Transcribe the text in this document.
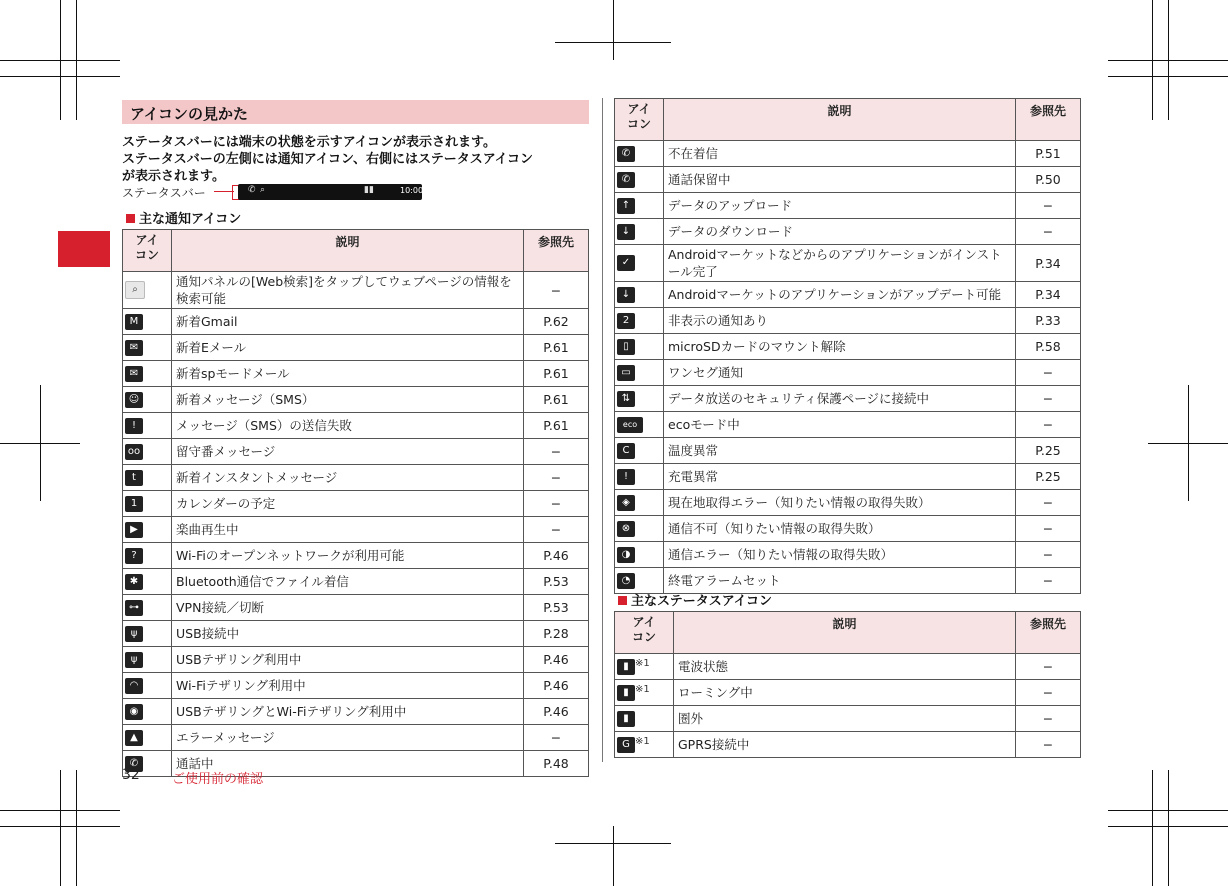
アイコンの見かた
ステータスバーには端末の状態を示すアイコンが表示されます。
ステータスバーの左側には通知アイコン、右側にはステータスアイコン
が表示されます。
ステータスバー	✆ ⌕	▮▮	10:00
主な通知アイコン
アイ
コン	説明	参照先
⌕	通知パネルの[Web検索]をタップしてウェブページの情報を検索可能	−
M	新着Gmail	P.62
✉	新着Eメール	P.61
✉	新着spモードメール	P.61
☺	新着メッセージ（SMS）	P.61
!	メッセージ（SMS）の送信失敗	P.61
oo	留守番メッセージ	−
t	新着インスタントメッセージ	−
1	カレンダーの予定	−
▶	楽曲再生中	−
?	Wi-Fiのオープンネットワークが利用可能	P.46
✱	Bluetooth通信でファイル着信	P.53
⊶	VPN接続／切断	P.53
ψ	USB接続中	P.28
ψ	USBテザリング利用中	P.46
◠	Wi-Fiテザリング利用中	P.46
◉	USBテザリングとWi-Fiテザリング利用中	P.46
▲	エラーメッセージ	−
✆	通話中	P.48
アイ
コン	説明	参照先
✆	不在着信	P.51
✆	通話保留中	P.50
↑	データのアップロード	−
↓	データのダウンロード	−
✓	Androidマーケットなどからのアプリケーションがインストール完了	P.34
↓	Androidマーケットのアプリケーションがアップデート可能	P.34
2	非表示の通知あり	P.33
▯	microSDカードのマウント解除	P.58
▭	ワンセグ通知	−
⇅	データ放送のセキュリティ保護ページに接続中	−
eco	ecoモード中	−
C	温度異常	P.25
!	充電異常	P.25
◈	現在地取得エラー（知りたい情報の取得失敗）	−
⊗	通信不可（知りたい情報の取得失敗）	−
◑	通信エラー（知りたい情報の取得失敗）	−
◔	終電アラームセット	−
主なステータスアイコン
アイ
コン	説明	参照先
▮ $^{※1}$	電波状態	−
▮ $^{※1}$	ローミング中	−
▮	圏外	−
G $^{※1}$	GPRS接続中	−
32 ご使用前の確認
